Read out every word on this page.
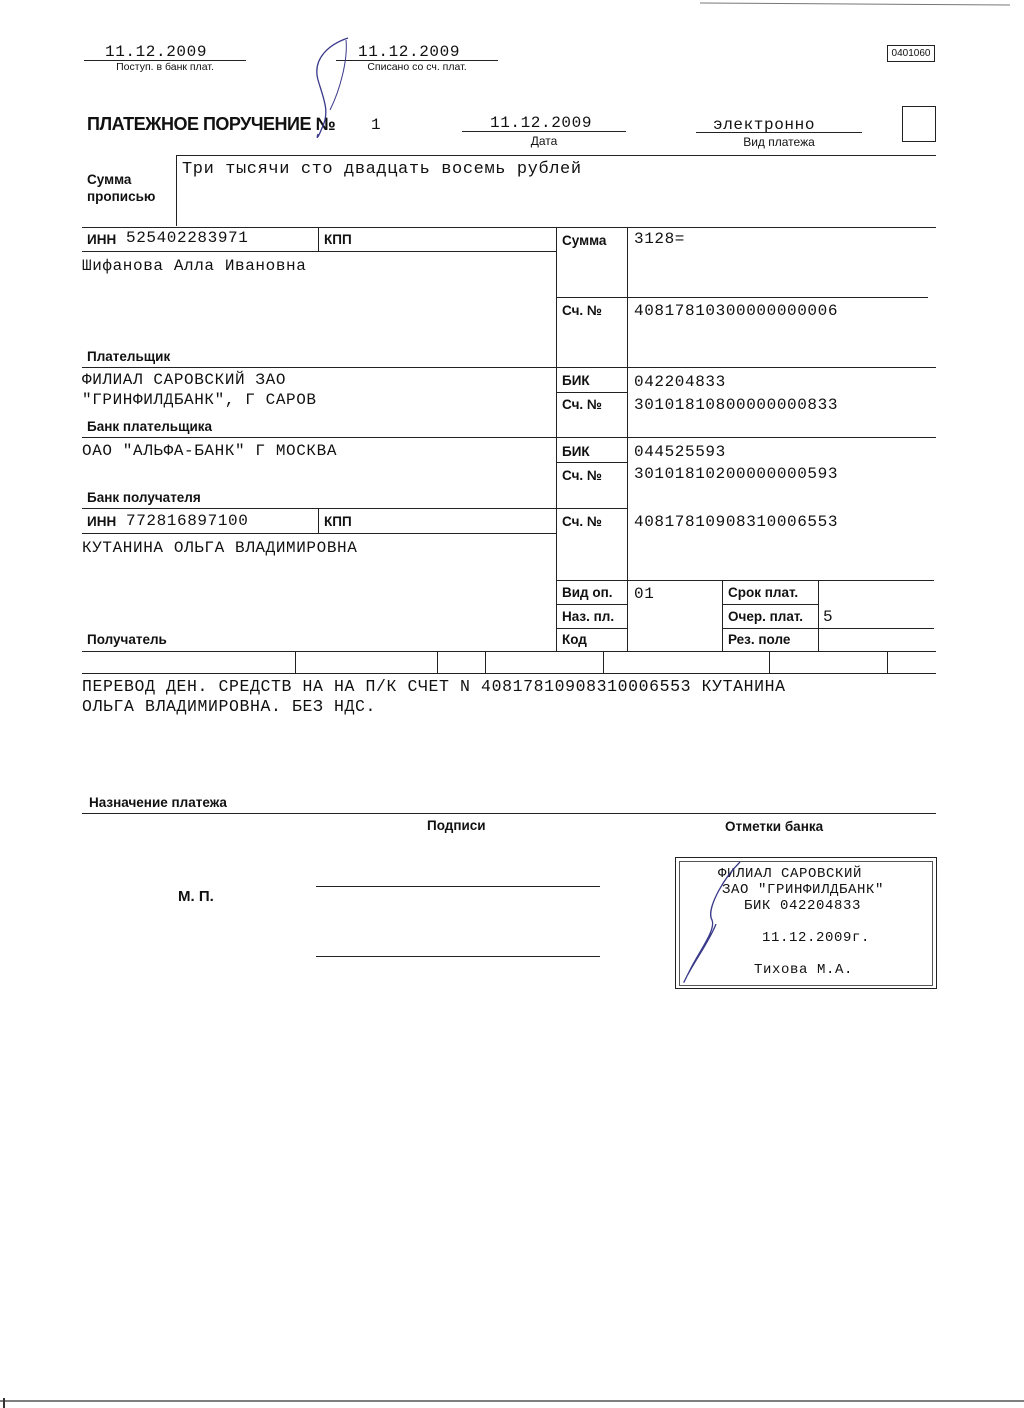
11.12.2009
Поступ. в банк плат.
11.12.2009
Списано со сч. плат.
0401060
ПЛАТЕЖНОЕ ПОРУЧЕНИЕ № 1	11.12.2009
Дата
электронно
Вид платежа
Сумма
прописью
Три тысячи сто двадцать восемь рублей
ИНН 525402283971	КПП
Шифанова Алла Ивановна
Плательщик
Сумма 3128=
Сч. № 40817810300000000006
ФИЛИАЛ САРОВСКИЙ ЗАО
"ГРИНФИЛДБАНК", Г САРОВ
Банк плательщика
БИК	042204833
Сч. № 30101810800000000833
ОАО "АЛЬФА-БАНК" Г МОСКВА
Банк получателя
БИК	044525593
Сч. № 30101810200000000593
ИНН 772816897100	КПП
КУТАНИНА ОЛЬГА ВЛАДИМИРОВНА
Получатель
Сч. № 40817810908310006553
Вид оп. 01
Наз. пл.
Код
Срок плат.
Очер. плат. 5
Рез. поле
ПЕРЕВОД ДЕН. СРЕДСТВ НА НА П/К СЧЕТ N 40817810908310006553 КУТАНИНА
ОЛЬГА ВЛАДИМИРОВНА. БЕЗ НДС.
Назначение платежа
Подписи
М. П.
Отметки банка
ФИЛИАЛ САРОВСКИЙ
ЗАО "ГРИНФИЛДБАНК"
БИК 042204833
11.12.2009г.
Тихова М.А.
